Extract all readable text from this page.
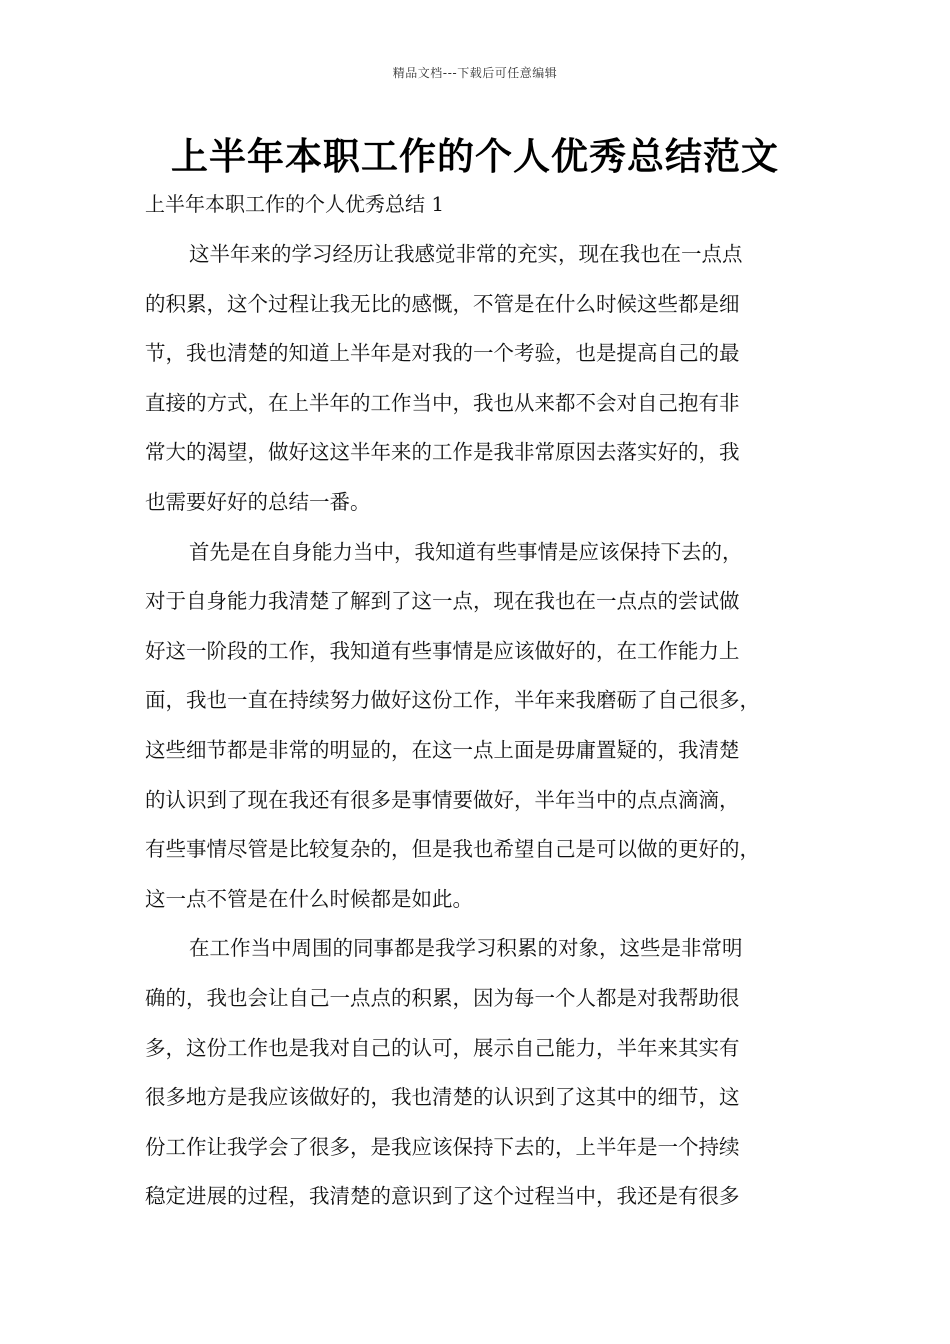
精品文档---下载后可任意编辑
上半年本职工作的个人优秀总结范文
上半年本职工作的个人优秀总结 1
这半年来的学习经历让我感觉非常的充实，现在我也在一点点
的积累，这个过程让我无比的感慨，不管是在什么时候这些都是细
节，我也清楚的知道上半年是对我的一个考验，也是提高自己的最
直接的方式，在上半年的工作当中，我也从来都不会对自己抱有非
常大的渴望，做好这这半年来的工作是我非常原因去落实好的，我
也需要好好的总结一番。
首先是在自身能力当中，我知道有些事情是应该保持下去的，
对于自身能力我清楚了解到了这一点，现在我也在一点点的尝试做
好这一阶段的工作，我知道有些事情是应该做好的，在工作能力上
面，我也一直在持续努力做好这份工作，半年来我磨砺了自己很多，
这些细节都是非常的明显的，在这一点上面是毋庸置疑的，我清楚
的认识到了现在我还有很多是事情要做好，半年当中的点点滴滴，
有些事情尽管是比较复杂的，但是我也希望自己是可以做的更好的，
这一点不管是在什么时候都是如此。
在工作当中周围的同事都是我学习积累的对象，这些是非常明
确的，我也会让自己一点点的积累，因为每一个人都是对我帮助很
多，这份工作也是我对自己的认可，展示自己能力，半年来其实有
很多地方是我应该做好的，我也清楚的认识到了这其中的细节，这
份工作让我学会了很多，是我应该保持下去的，上半年是一个持续
稳定进展的过程，我清楚的意识到了这个过程当中，我还是有很多
